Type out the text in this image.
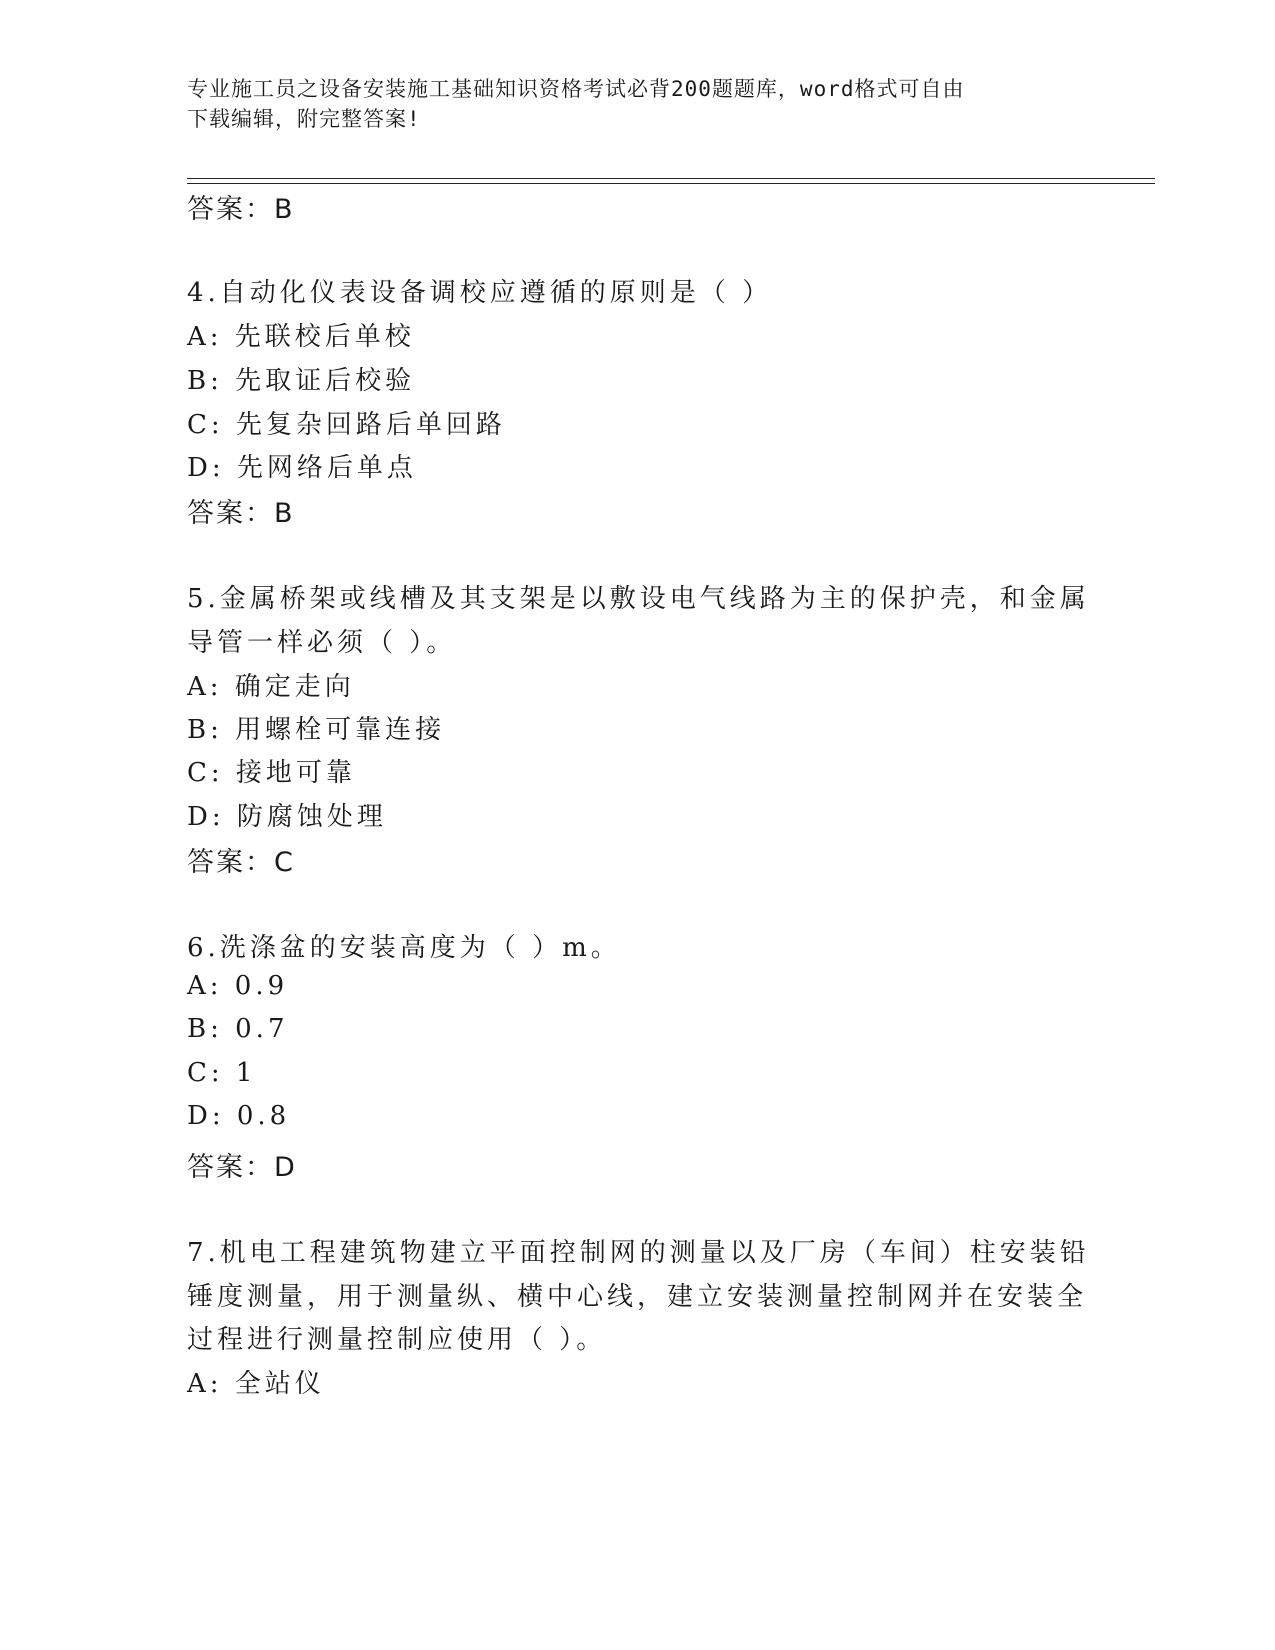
专业施工员之设备安装施工基础知识资格考试必背200题题库，word格式可自由
下载编辑，附完整答案!
答案：B
4.自动化仪表设备调校应遵循的原则是（ ）
A: 先联校后单校
B: 先取证后校验
C: 先复杂回路后单回路
D: 先网络后单点
答案：B
5.金属桥架或线槽及其支架是以敷设电气线路为主的保护壳，和金属
导管一样必须（ ）。
A: 确定走向
B: 用螺栓可靠连接
C: 接地可靠
D: 防腐蚀处理
答案：C
6.洗涤盆的安装高度为（ ）m。
A: 0.9
B: 0.7
C: 1
D: 0.8
答案：D
7.机电工程建筑物建立平面控制网的测量以及厂房（车间）柱安装铅
锤度测量，用于测量纵、横中心线，建立安装测量控制网并在安装全
过程进行测量控制应使用（ ）。
A: 全站仪
